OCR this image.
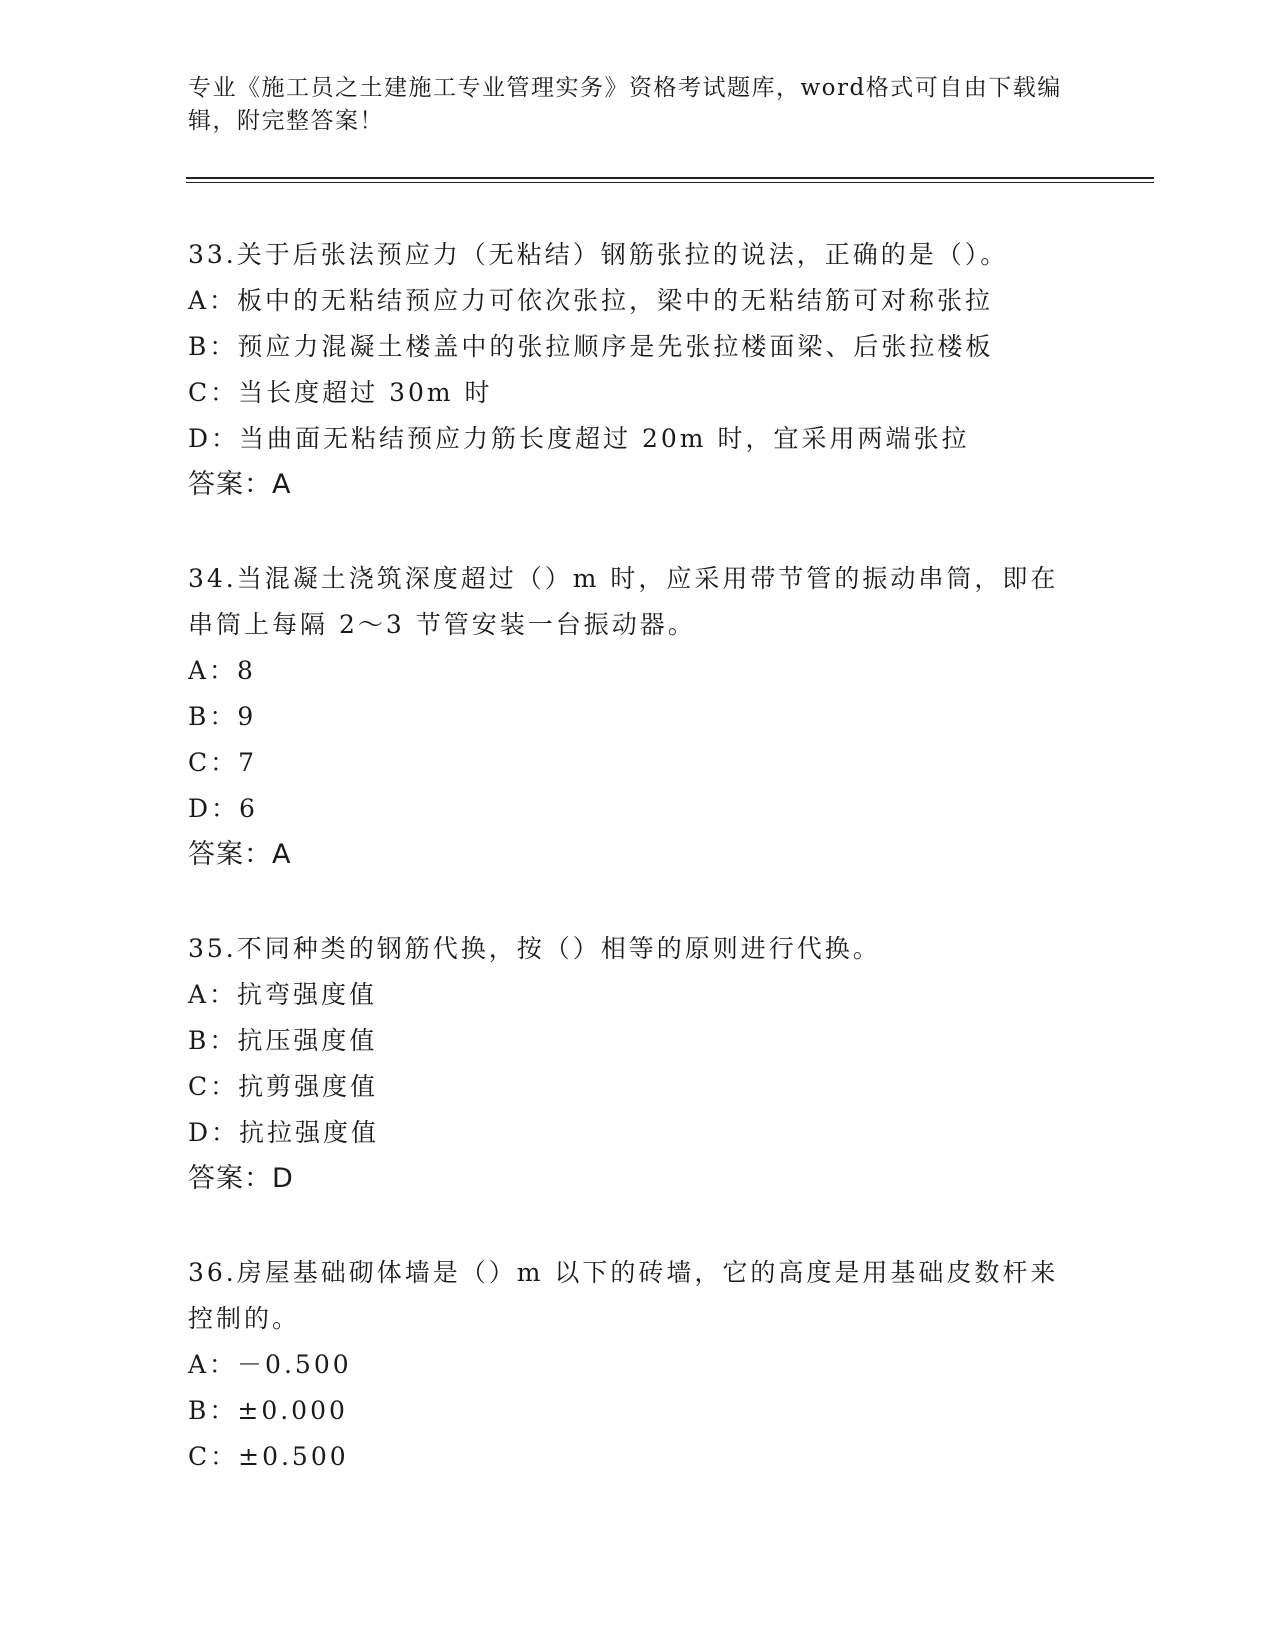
专业《施工员之土建施工专业管理实务》资格考试题库，word格式可自由下载编辑，附完整答案！
33.关于后张法预应力（无粘结）钢筋张拉的说法，正确的是（）。
A：板中的无粘结预应力可依次张拉，梁中的无粘结筋可对称张拉
B：预应力混凝土楼盖中的张拉顺序是先张拉楼面梁、后张拉楼板
C：当长度超过 30m 时
D：当曲面无粘结预应力筋长度超过 20m 时，宜采用两端张拉
答案：A
34.当混凝土浇筑深度超过（）m 时，应采用带节管的振动串筒，即在串筒上每隔 2～3 节管安装一台振动器。
A：8
B：9
C：7
D：6
答案：A
35.不同种类的钢筋代换，按（）相等的原则进行代换。
A：抗弯强度值
B：抗压强度值
C：抗剪强度值
D：抗拉强度值
答案：D
36.房屋基础砌体墙是（）m 以下的砖墙，它的高度是用基础皮数杆来控制的。
A：－0.500
B：±0.000
C：±0.500
